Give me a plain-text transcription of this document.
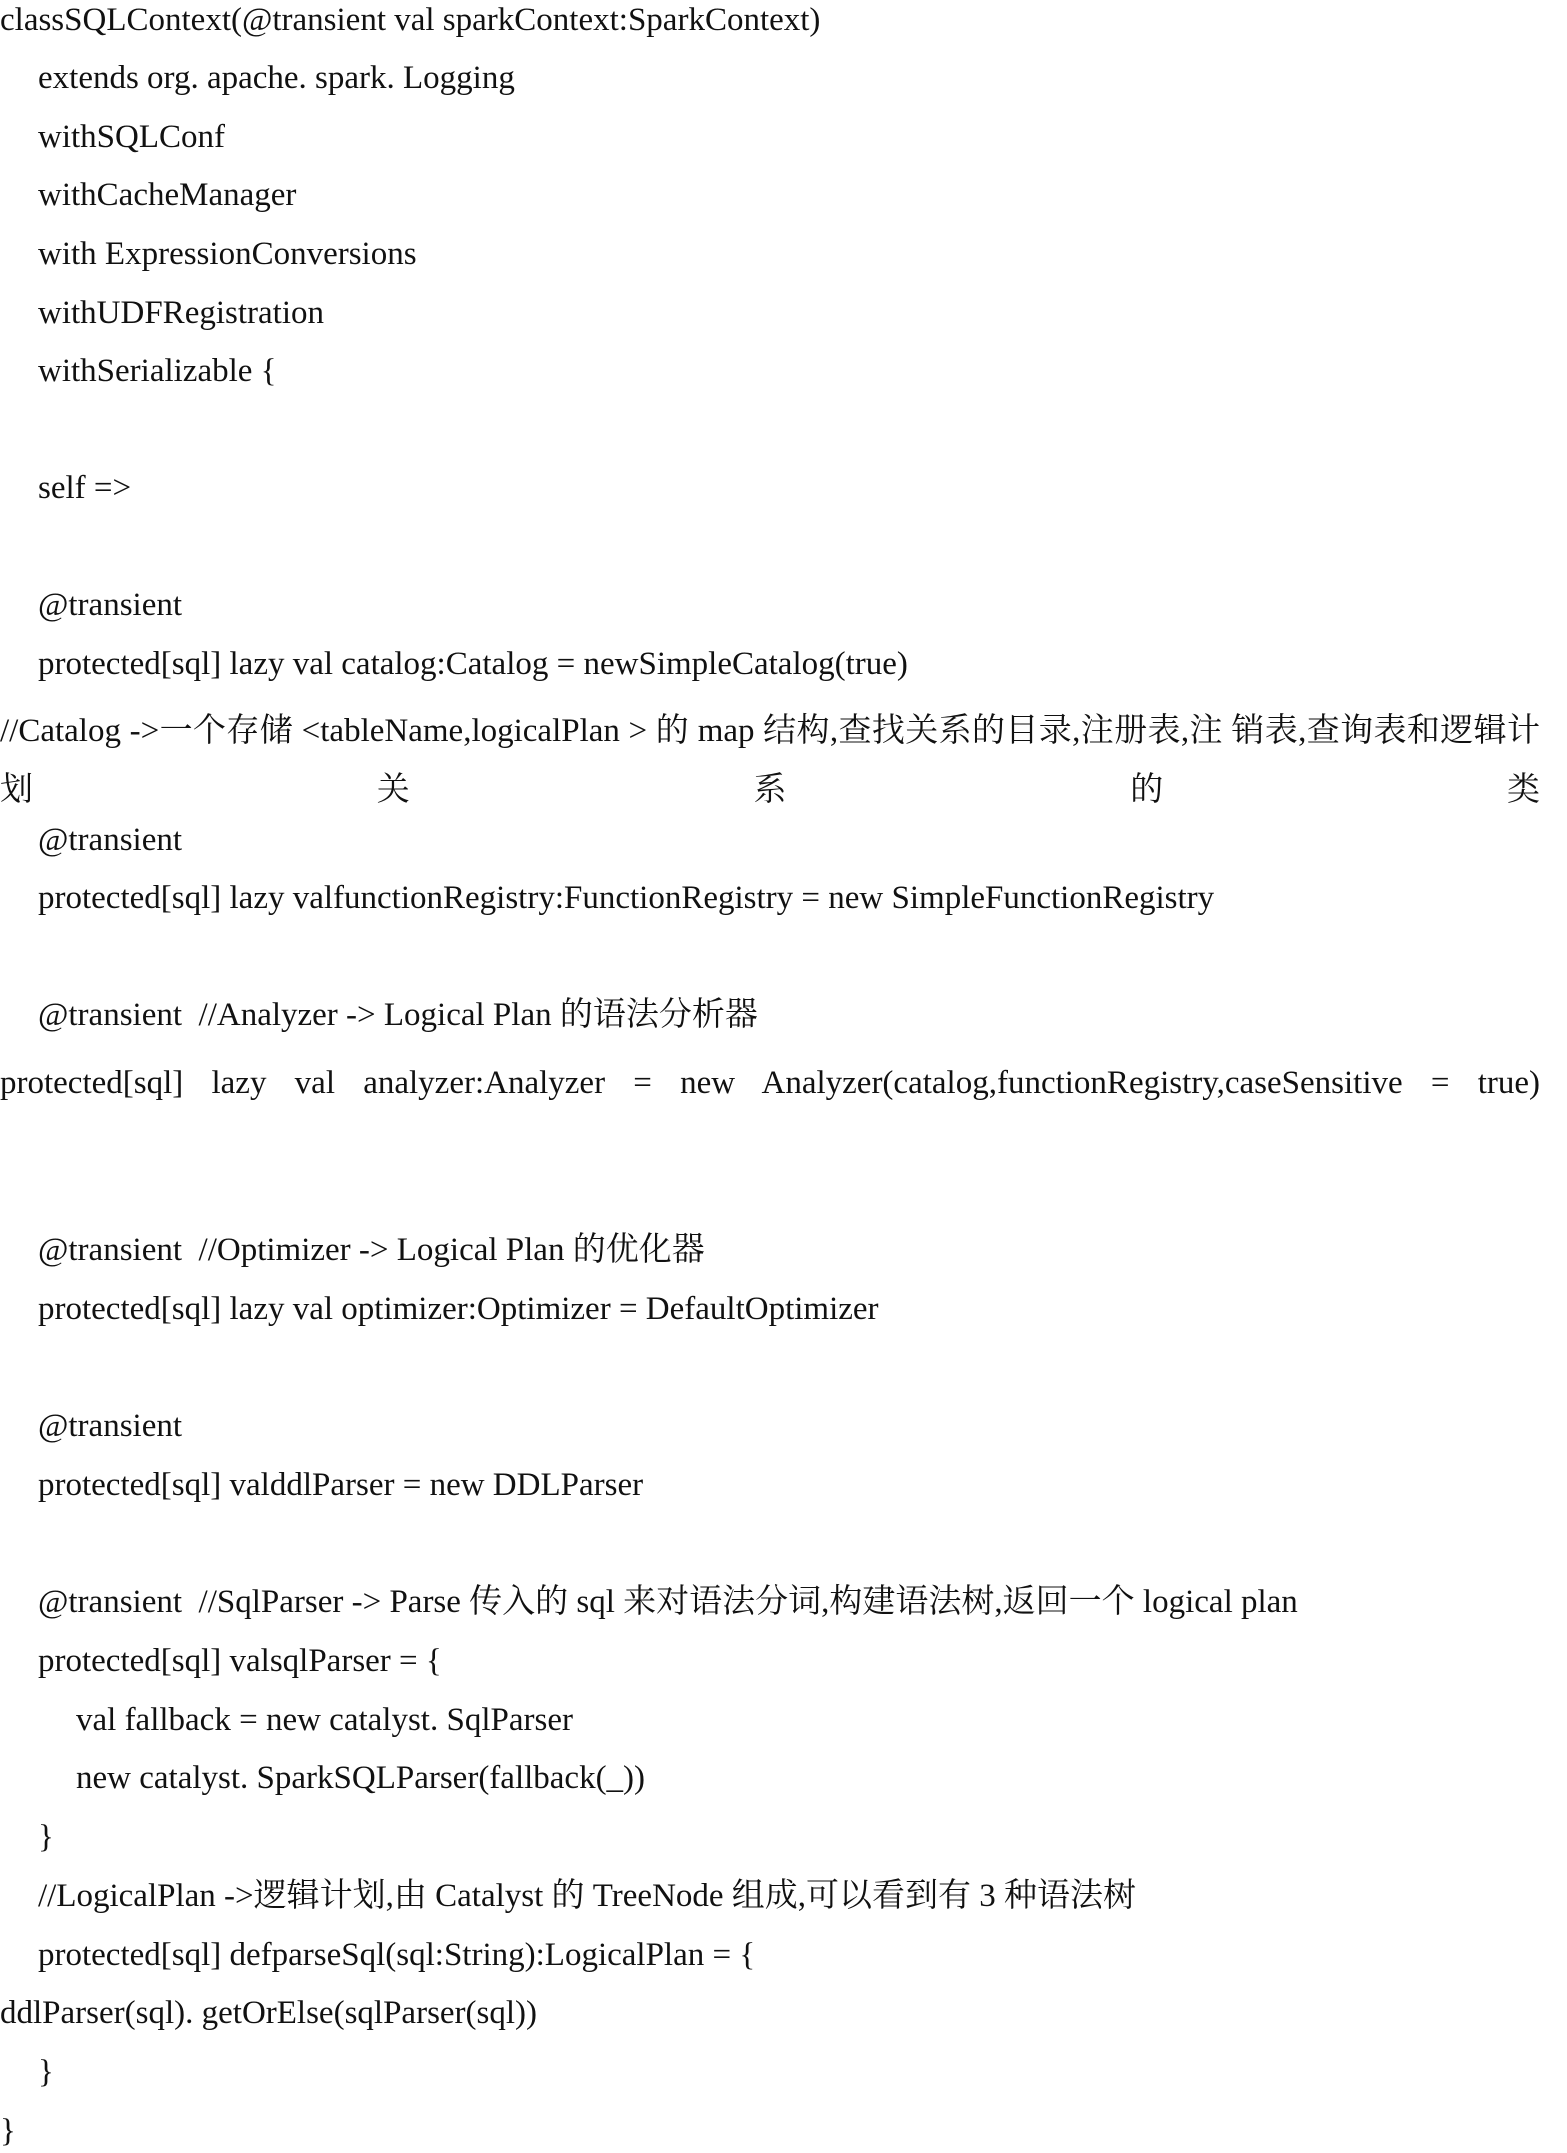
classSQLContext(@transient val sparkContext:SparkContext)
extends org. apache. spark. Logging
withSQLConf
withCacheManager
with ExpressionConversions
withUDFRegistration
withSerializable {
self =>
@transient
protected[sql] lazy val catalog:Catalog = newSimpleCatalog(true)
//Catalog ->一个存储 <tableName,logicalPlan > 的 map 结构,查找关系的目录,注册表,注 销表,查询表和逻辑计划关系的类
@transient
protected[sql] lazy valfunctionRegistry:FunctionRegistry = new SimpleFunctionRegistry
@transient  //Analyzer -> Logical Plan 的语法分析器
protected[sql] lazy val analyzer:Analyzer = new Analyzer(catalog,functionRegistry,caseSensitive = true)
@transient  //Optimizer -> Logical Plan 的优化器
protected[sql] lazy val optimizer:Optimizer = DefaultOptimizer
@transient
protected[sql] valddlParser = new DDLParser
@transient  //SqlParser -> Parse 传入的 sql 来对语法分词,构建语法树,返回一个 logical plan
protected[sql] valsqlParser = {
val fallback = new catalyst. SqlParser
new catalyst. SparkSQLParser(fallback(_))
}
//LogicalPlan ->逻辑计划,由 Catalyst 的 TreeNode 组成,可以看到有 3 种语法树
protected[sql] defparseSql(sql:String):LogicalPlan = {
ddlParser(sql). getOrElse(sqlParser(sql))
}
}
